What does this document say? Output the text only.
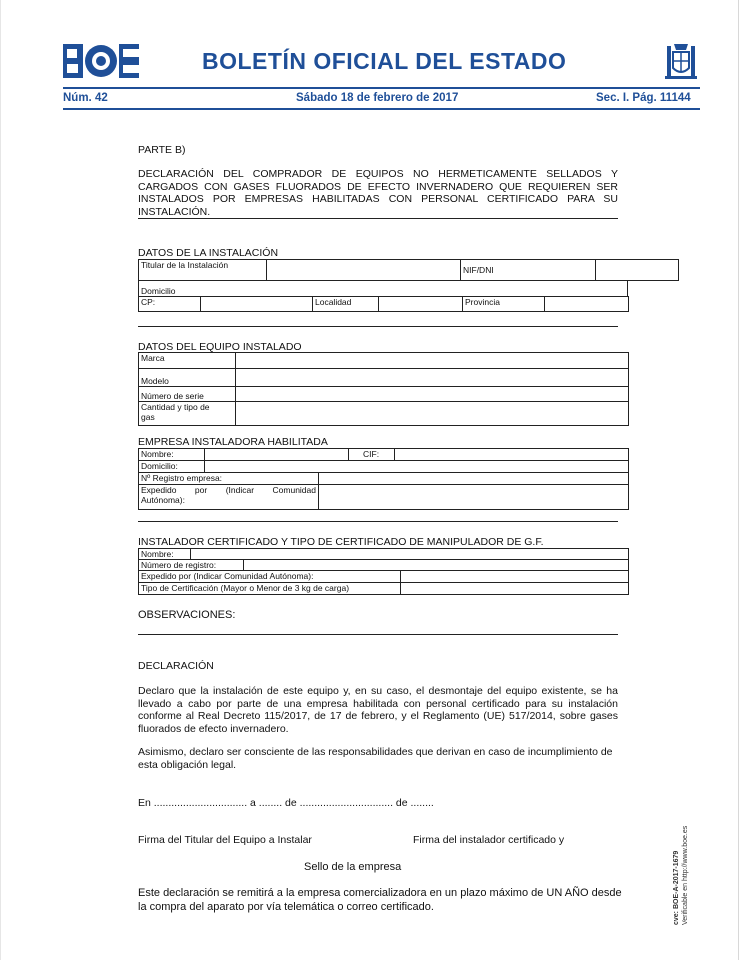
BOLETÍN OFICIAL DEL ESTADO
Núm. 42	Sábado 18 de febrero de 2017	Sec. I. Pág. 11144
PARTE B)
DECLARACIÓN DEL COMPRADOR DE EQUIPOS NO HERMETICAMENTE SELLADOS Y
CARGADOS CON GASES FLUORADOS DE EFECTO INVERNADERO QUE REQUIEREN SER
INSTALADOS POR EMPRESAS HABILITADAS CON PERSONAL CERTIFICADO PARA SU
INSTALACIÓN.
DATOS DE LA INSTALACIÓN
Titular de la Instalación		NIF/DNI	
Domicilio
CP:		Localidad		Provincia	
DATOS DEL EQUIPO INSTALADO
Marca	
Modelo	
Número de serie	

Cantidad y tipo de
gas	

EMPRESA INSTALADORA HABILITADA
Nombre:		CIF:	
Domicilio:	
Nº Registro empresa:	

Expedido por (Indicar Comunidad
Autónoma):	

INSTALADOR CERTIFICADO Y TIPO DE CERTIFICADO DE MANIPULADOR DE G.F.
Nombre:	
Número de registro:	
Expedido por (Indicar Comunidad Autónoma):	
Tipo de Certificación (Mayor o Menor de 3 kg de carga)	
OBSERVACIONES:
DECLARACIÓN
Declaro que la instalación de este equipo y, en su caso, el desmontaje del equipo existente, se ha llevado a cabo por parte de una empresa habilitada con personal certificado para su instalación conforme al Real Decreto 115/2017, de 17 de febrero, y el Reglamento (UE) 517/2014, sobre gases fluorados de efecto invernadero.
Asimismo, declaro ser consciente de las responsabilidades que derivan en caso de incumplimiento de esta obligación legal.
En ................................ a ........ de ................................ de ........
Firma del Titular del Equipo a Instalar	Firma del instalador certificado y
Sello de la empresa
Este declaración se remitirá a la empresa comercializadora en un plazo máximo de UN AÑO desde la compra del aparato por vía telemática o correo certificado.	cve: BOE-A-2017-1679 Verificable en http://www.boe.es
